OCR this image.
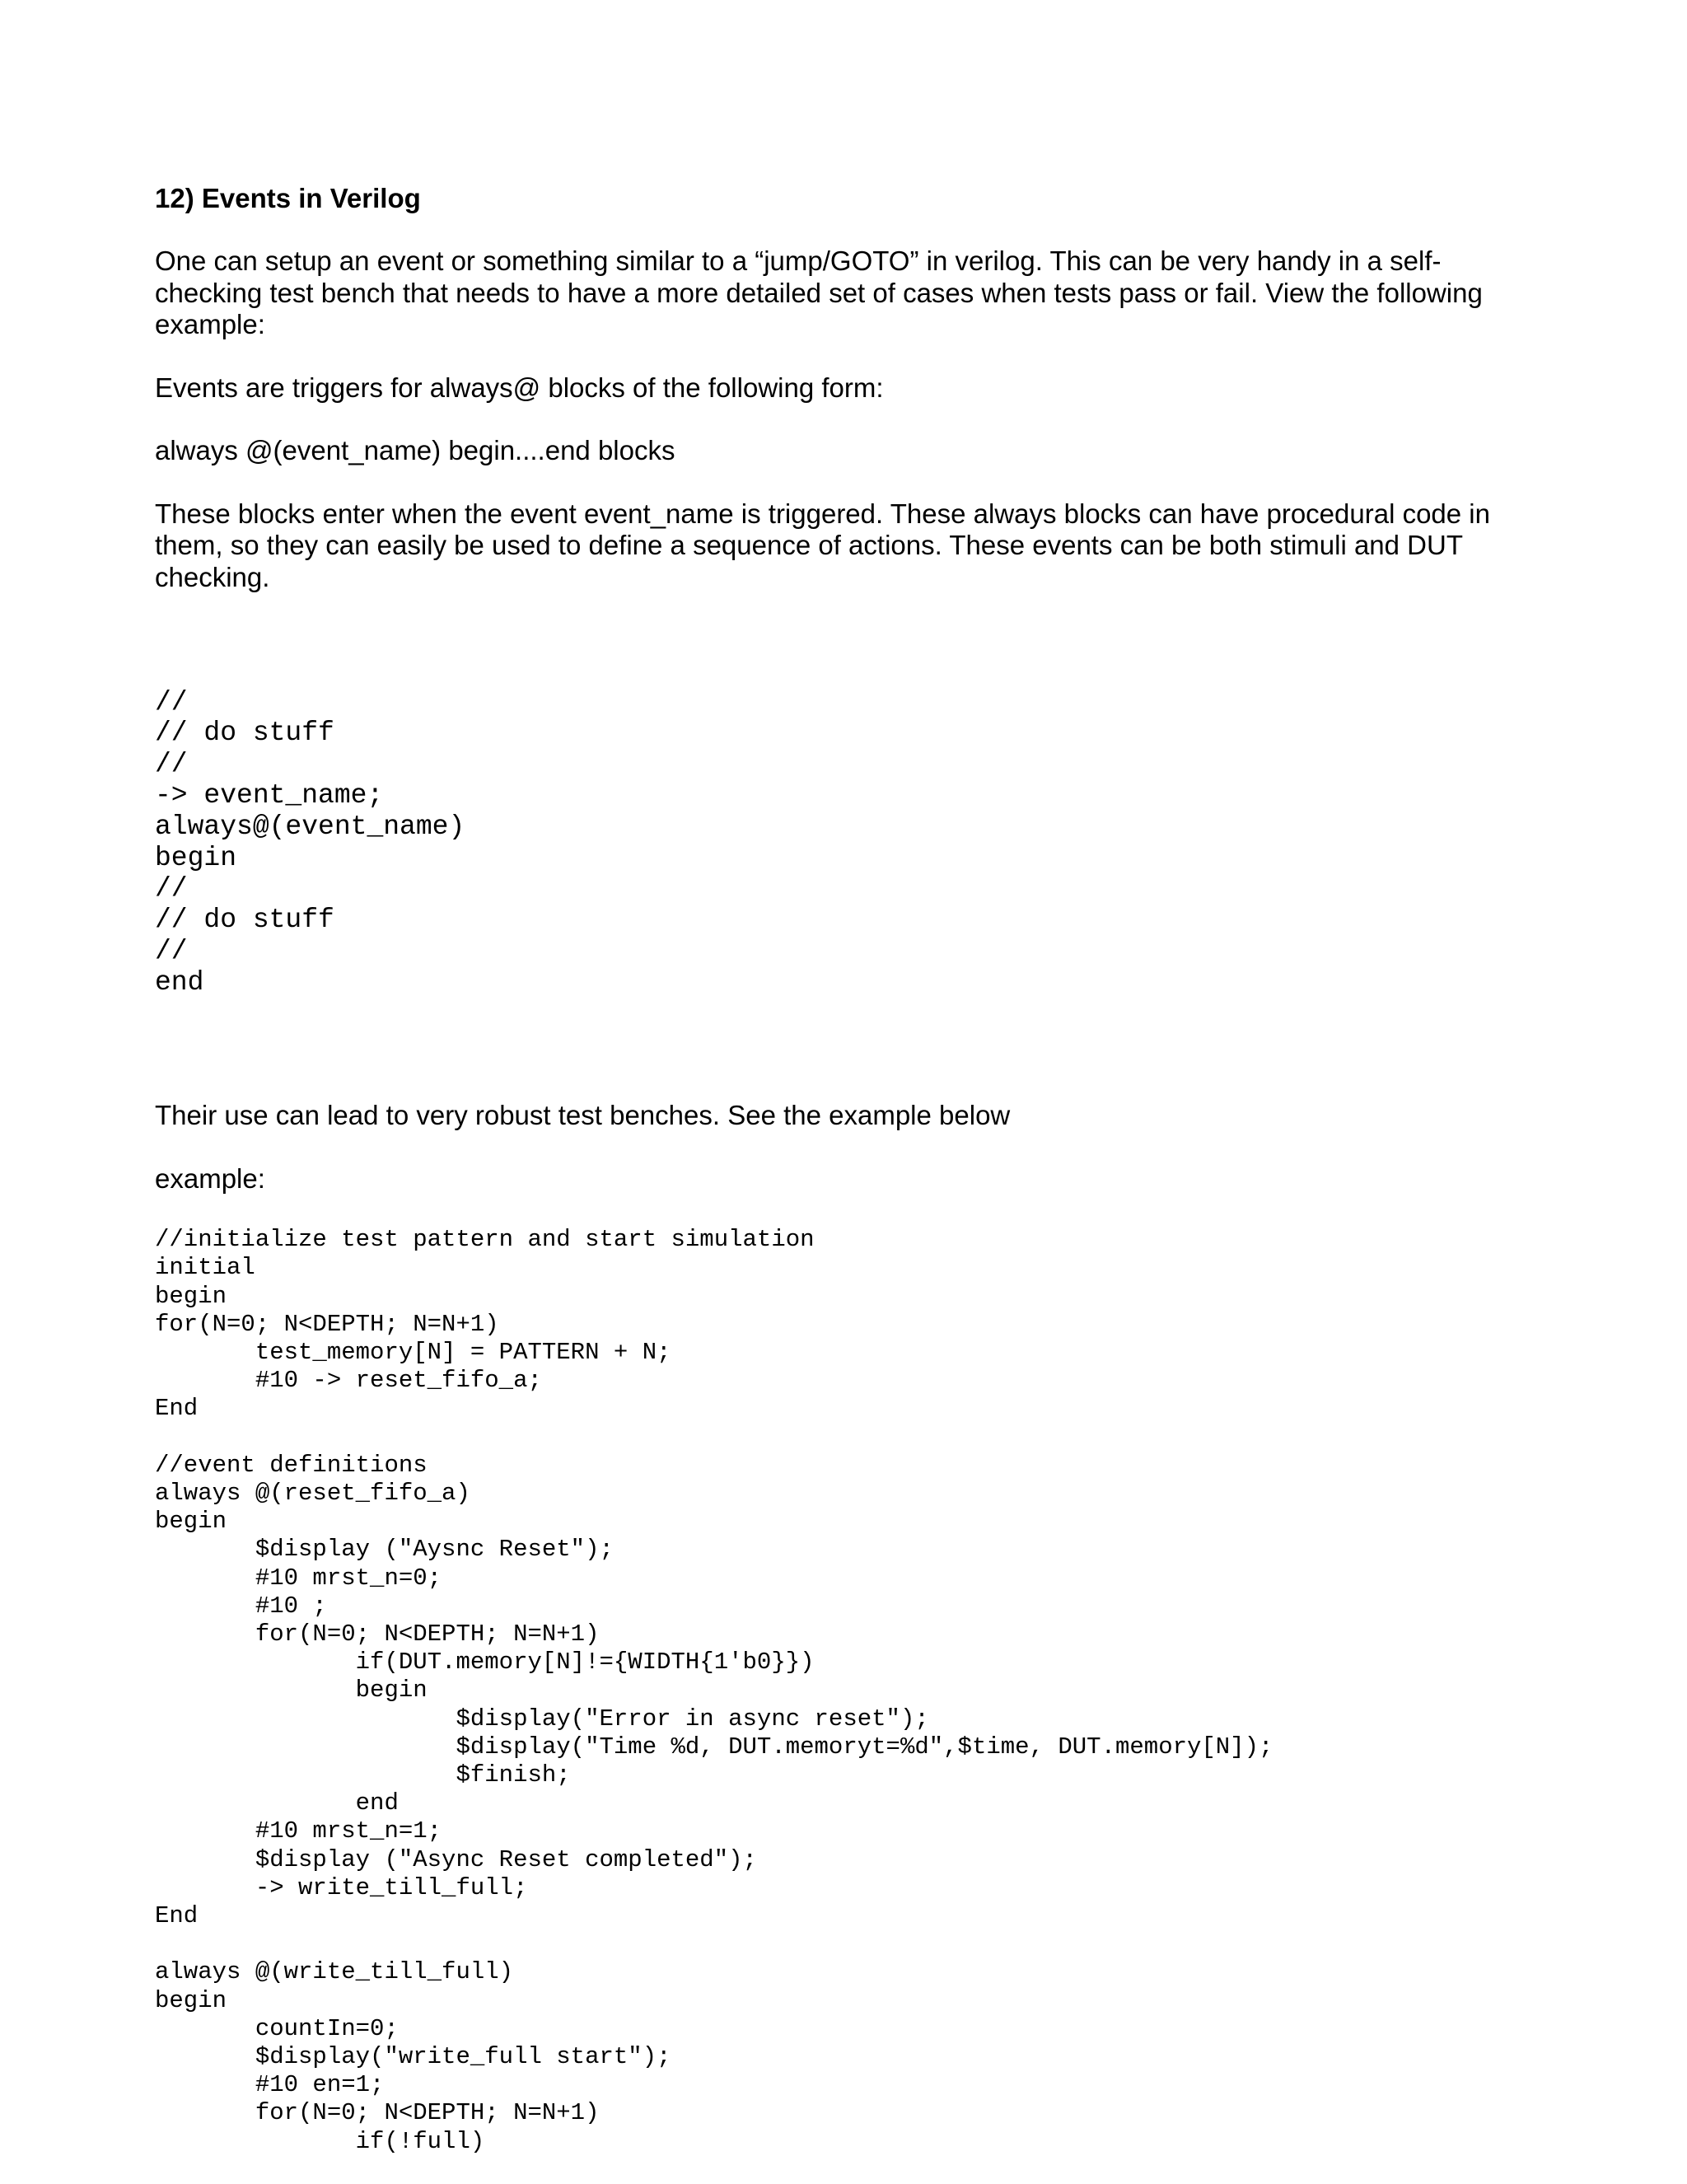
12) Events in Verilog
One can setup an event or something similar to a “jump/GOTO” in verilog. This can be very handy in a self-checking test bench that needs to have a more detailed set of cases when tests pass or fail. View the following example:
Events are triggers for always@ blocks of the following form:
always @(event_name) begin....end blocks
These blocks enter when the event event_name is triggered. These always blocks can have procedural code in them, so they can easily be used to define a sequence of actions. These events can be both stimuli and DUT checking.

//
// do stuff
//
-> event_name;
always@(event_name)
begin
//
// do stuff
//
end

Their use can lead to very robust test benches. See the example below
example:
//initialize test pattern and start simulation
initial
begin
for(N=0; N<DEPTH; N=N+1)
test_memory[N] = PATTERN + N;
#10 -> reset_fifo_a;
End
//event definitions
always @(reset_fifo_a)
begin
$display ("Aysnc Reset");
#10 mrst_n=0;
#10 ;
for(N=0; N<DEPTH; N=N+1)
if(DUT.memory[N]!={WIDTH{1'b0}})
begin
$display("Error in async reset");
$display("Time %d, DUT.memoryt=%d",$time, DUT.memory[N]);
$finish;
end
#10 mrst_n=1;
$display ("Async Reset completed");
-> write_till_full;
End
always @(write_till_full)
begin
countIn=0;
$display("write_full start");
#10 en=1;
for(N=0; N<DEPTH; N=N+1)
if(!full)
